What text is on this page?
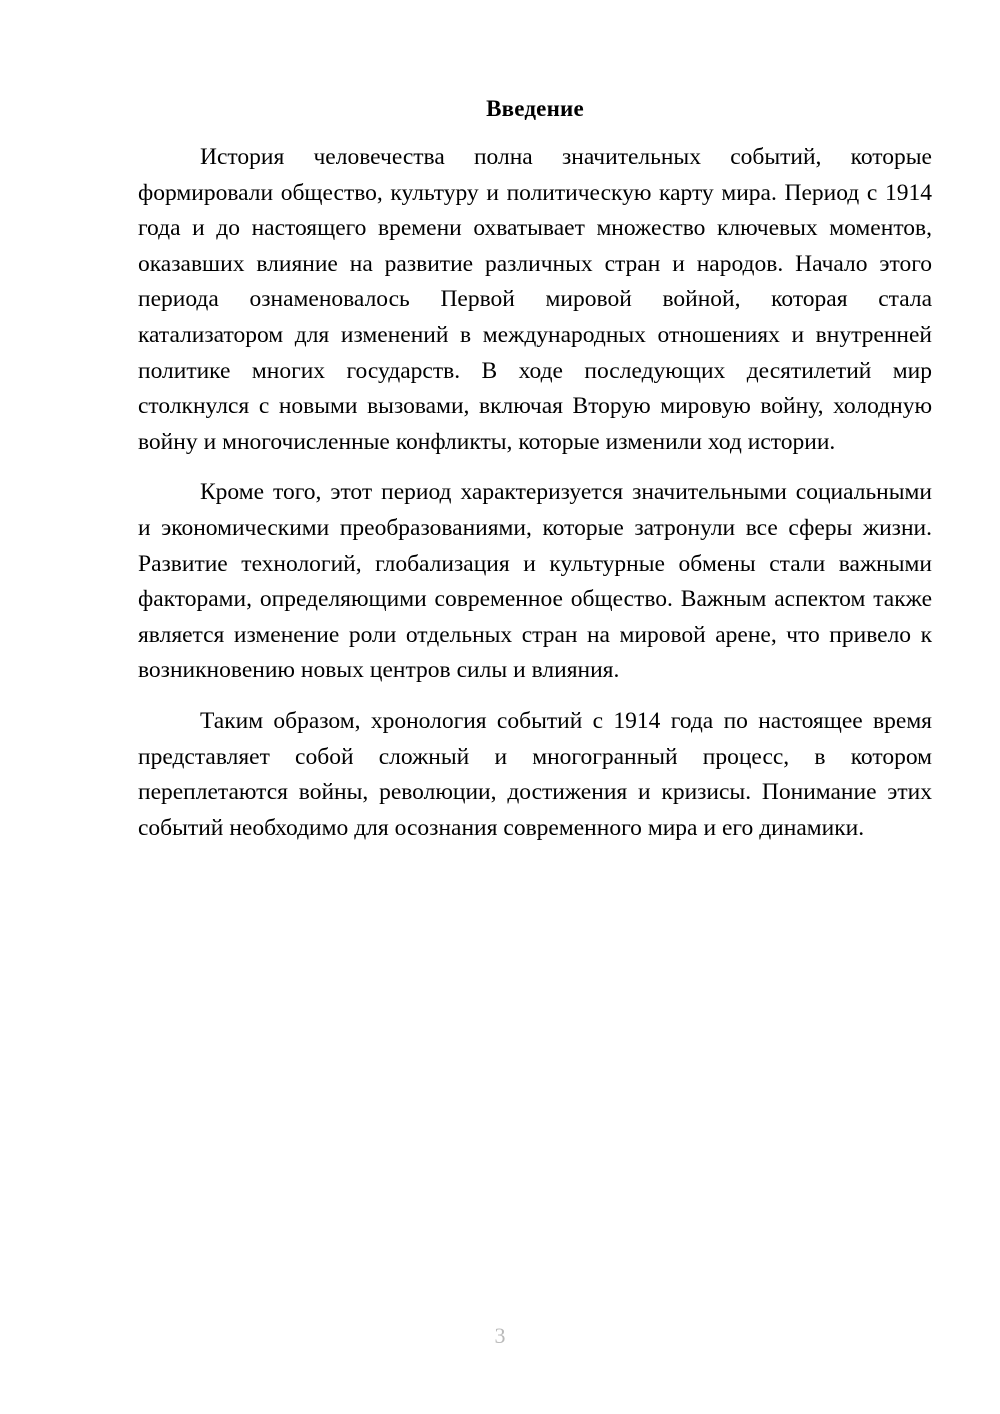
Введение

История человечества полна значительных событий, которые формировали общество, культуру и политическую карту мира. Период с 1914 года и до настоящего времени охватывает множество ключевых моментов, оказавших влияние на развитие различных стран и народов. Начало этого периода ознаменовалось Первой мировой войной, которая стала катализатором для изменений в международных отношениях и внутренней политике многих государств. В ходе последующих десятилетий мир столкнулся с новыми вызовами, включая Вторую мировую войну, холодную войну и многочисленные конфликты, которые изменили ход истории.

Кроме того, этот период характеризуется значительными социальными и экономическими преобразованиями, которые затронули все сферы жизни. Развитие технологий, глобализация и культурные обмены стали важными факторами, определяющими современное общество. Важным аспектом также является изменение роли отдельных стран на мировой арене, что привело к возникновению новых центров силы и влияния.

Таким образом, хронология событий с 1914 года по настоящее время представляет собой сложный и многогранный процесс, в котором переплетаются войны, революции, достижения и кризисы. Понимание этих событий необходимо для осознания современного мира и его динамики.

3
